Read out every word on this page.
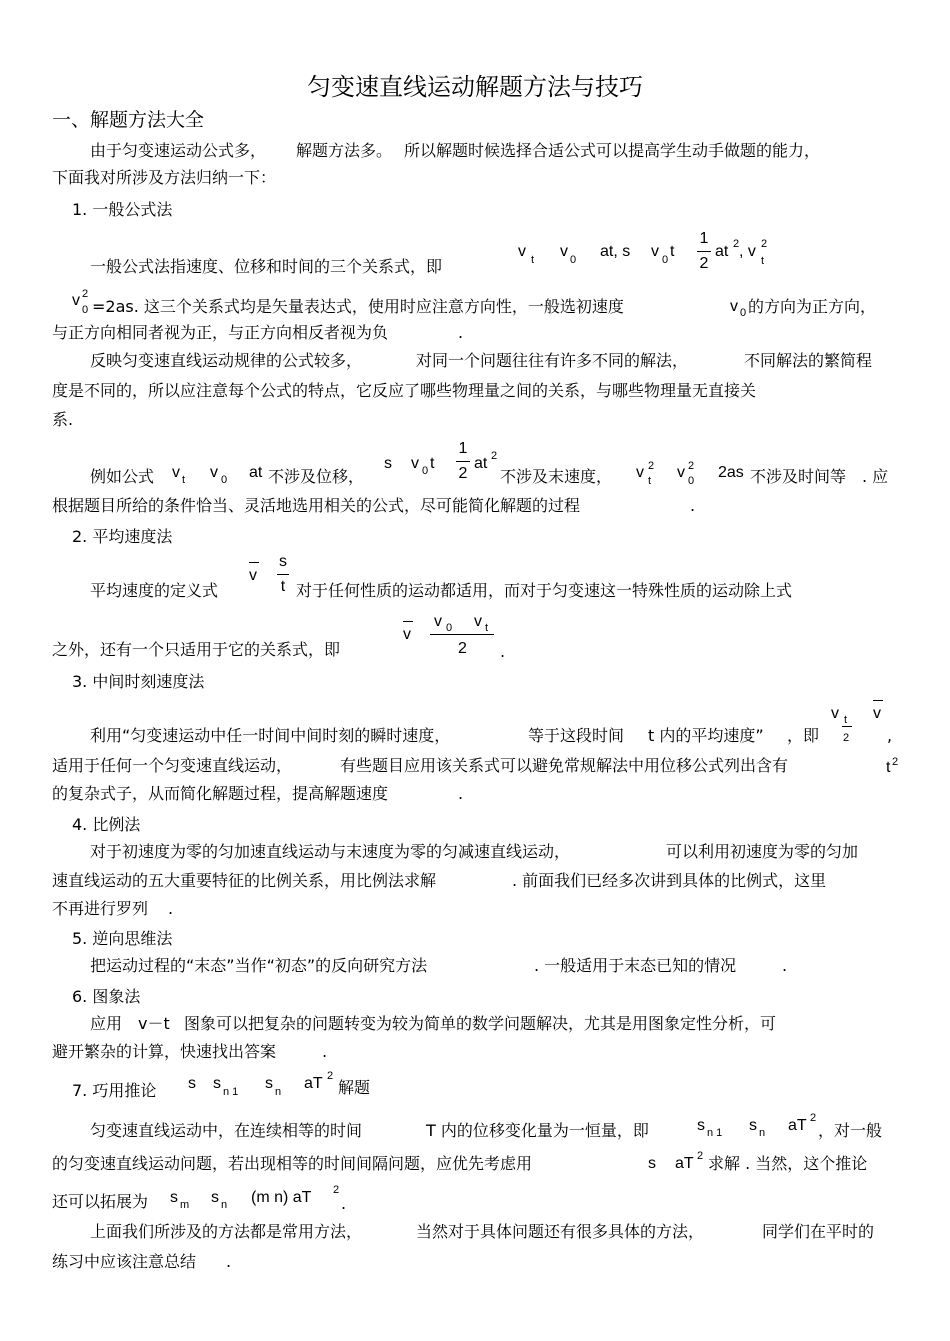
匀变速直线运动解题方法与技巧
一、解题方法大全
由于匀变速运动公式多， 解题方法多。 所以解题时候选择合适公式可以提高学生动手做题的能力，
下面我对所涉及方法归纳一下：
1. 一般公式法
一般公式法指速度、位移和时间的三个关系式，即
v t v 0 at, s v 0 t
1
2
at 2 , v 2
t
v 2
0 =2as. 这三个关系式均是矢量表达式，使用时应注意方向性，一般选初速度	v 0 的方向为正方向，
与正方向相同者视为正，与正方向相反者视为负	.
反映匀变速直线运动规律的公式较多，	对同一个问题往往有许多不同的解法，	不同解法的繁简程
度是不同的，所以应注意每个公式的特点，它反应了哪些物理量之间的关系，与哪些物理量无直接关
系.
例如公式 v t v 0 at 不涉及位移，
s v 0 t
1
2
at 2
不涉及末速度， v 2
t v 2
0 2as 不涉及时间等 . 应
根据题目所给的条件恰当、灵活地选用相关的公式，尽可能简化解题的过程	.
2. 平均速度法
平均速度的定义式
v
s
t 对于任何性质的运动都适用，而对于匀变速这一特殊性质的运动除上式
之外，还有一个只适用于它的关系式，即
v
v 0 v t
2 .
3. 中间时刻速度法
v t
2
v
利用“匀变速运动中任一时间中间时刻的瞬时速度，	等于这段时间 t 内的平均速度” ，即	,
适用于任何一个匀变速直线运动，	有些题目应用该关系式可以避免常规解法中用位移公式列出含有	t 2
的复杂式子，从而简化解题过程，提高解题速度	.
4. 比例法
对于初速度为零的匀加速直线运动与末速度为零的匀减速直线运动，	可以利用初速度为零的匀加
速直线运动的五大重要特征的比例关系，用比例法求解	. 前面我们已经多次讲到具体的比例式，这里
不再进行罗列 .
5. 逆向思维法
把运动过程的“末态”当作“初态”的反向研究方法	. 一般适用于末态已知的情况	.
6. 图象法
应用 v－t 图象可以把复杂的问题转变为较为简单的数学问题解决，尤其是用图象定性分析，可
避开繁杂的计算，快速找出答案	.
7. 巧用推论 s s n 1 s n aT 2
解题
匀变速直线运动中，在连续相等的时间	T 内的位移变化量为一恒量，即	s n 1 s n aT 2
，对一般
的匀变速直线运动问题，若出现相等的时间间隔问题，应优先考虑用	s aT 2 求解 . 当然，这个推论
还可以拓展为 s m s n (m n) aT 2
.
上面我们所涉及的方法都是常用方法，	当然对于具体问题还有很多具体的方法，	同学们在平时的
练习中应该注意总结 .
